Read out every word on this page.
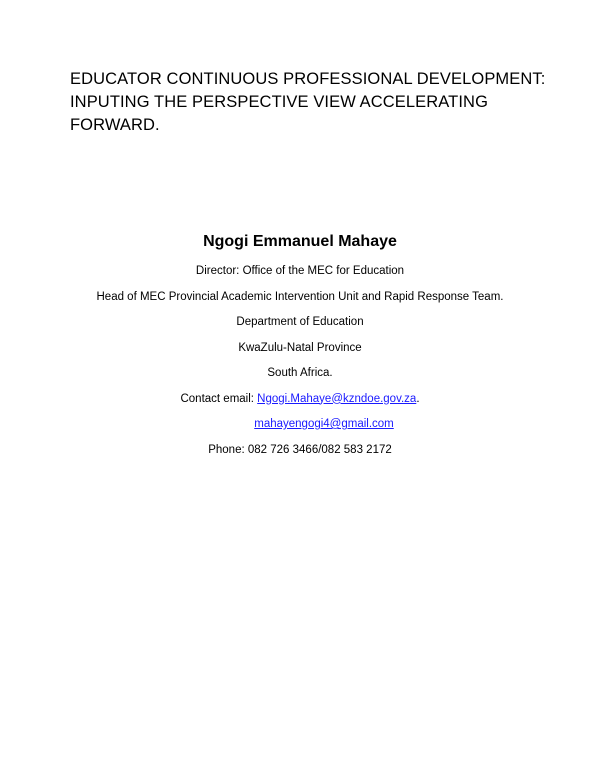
EDUCATOR CONTINUOUS PROFESSIONAL DEVELOPMENT:
INPUTING THE PERSPECTIVE VIEW ACCELERATING
FORWARD.
Ngogi Emmanuel Mahaye
Director: Office of the MEC for Education
Head of MEC Provincial Academic Intervention Unit and Rapid Response Team.
Department of Education
KwaZulu-Natal Province
South Africa.
Contact email: Ngogi.Mahaye@kzndoe.gov.za.
mahayengogi4@gmail.com
Phone: 082 726 3466/082 583 2172
